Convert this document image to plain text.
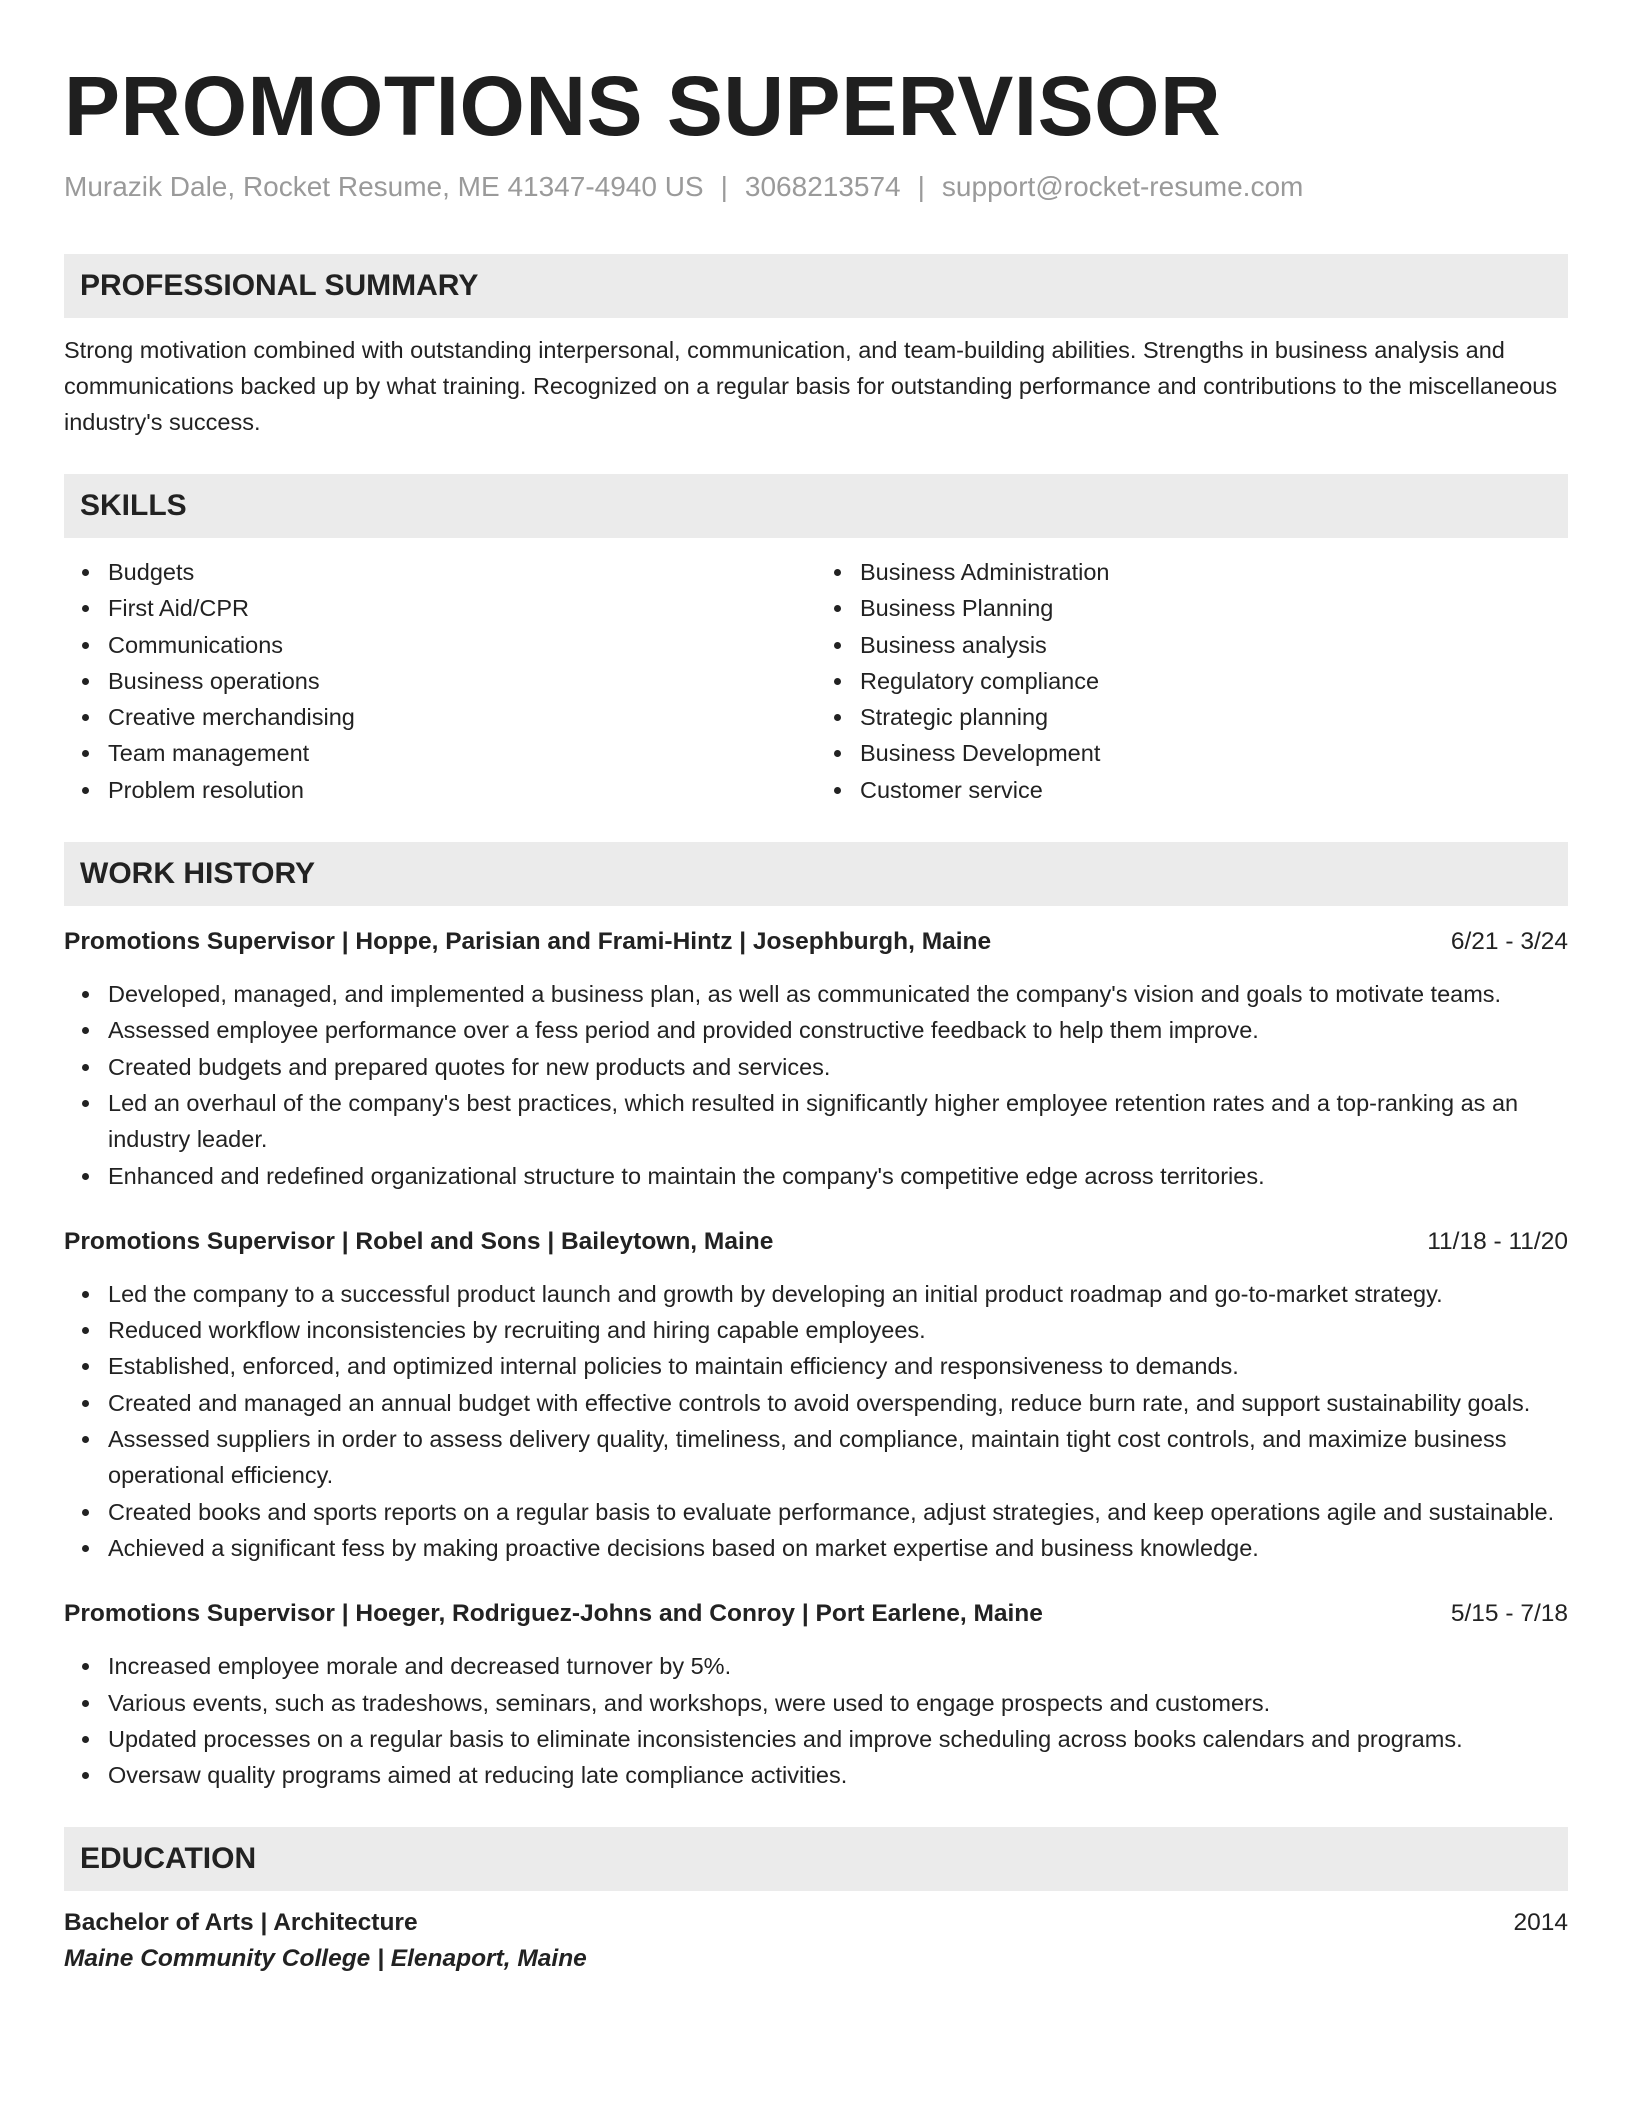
PROMOTIONS SUPERVISOR
Murazik Dale, Rocket Resume, ME 41347-4940 US | 3068213574 | support@rocket-resume.com
PROFESSIONAL SUMMARY

Strong motivation combined with outstanding interpersonal, communication, and team-building abilities. Strengths in business analysis and communications backed up by what training. Recognized on a regular basis for outstanding performance and contributions to the miscellaneous industry's success.

SKILLS
Budgets
First Aid/CPR
Communications
Business operations
Creative merchandising
Team management
Problem resolution
Business Administration
Business Planning
Business analysis
Regulatory compliance
Strategic planning
Business Development
Customer service
WORK HISTORY
Promotions Supervisor | Hoppe, Parisian and Frami-Hintz | Josephburgh, Maine	6/21 - 3/24
Developed, managed, and implemented a business plan, as well as communicated the company's vision and goals to motivate teams.
Assessed employee performance over a fess period and provided constructive feedback to help them improve.
Created budgets and prepared quotes for new products and services.
Led an overhaul of the company's best practices, which resulted in significantly higher employee retention rates and a top-ranking as an industry leader.
Enhanced and redefined organizational structure to maintain the company's competitive edge across territories.
Promotions Supervisor | Robel and Sons | Baileytown, Maine	11/18 - 11/20
Led the company to a successful product launch and growth by developing an initial product roadmap and go-to-market strategy.
Reduced workflow inconsistencies by recruiting and hiring capable employees.
Established, enforced, and optimized internal policies to maintain efficiency and responsiveness to demands.
Created and managed an annual budget with effective controls to avoid overspending, reduce burn rate, and support sustainability goals.
Assessed suppliers in order to assess delivery quality, timeliness, and compliance, maintain tight cost controls, and maximize business operational efficiency.
Created books and sports reports on a regular basis to evaluate performance, adjust strategies, and keep operations agile and sustainable.
Achieved a significant fess by making proactive decisions based on market expertise and business knowledge.
Promotions Supervisor | Hoeger, Rodriguez-Johns and Conroy | Port Earlene, Maine	5/15 - 7/18
Increased employee morale and decreased turnover by 5%.
Various events, such as tradeshows, seminars, and workshops, were used to engage prospects and customers.
Updated processes on a regular basis to eliminate inconsistencies and improve scheduling across books calendars and programs.
Oversaw quality programs aimed at reducing late compliance activities.
EDUCATION
Bachelor of Arts | Architecture	2014
Maine Community College | Elenaport, Maine
